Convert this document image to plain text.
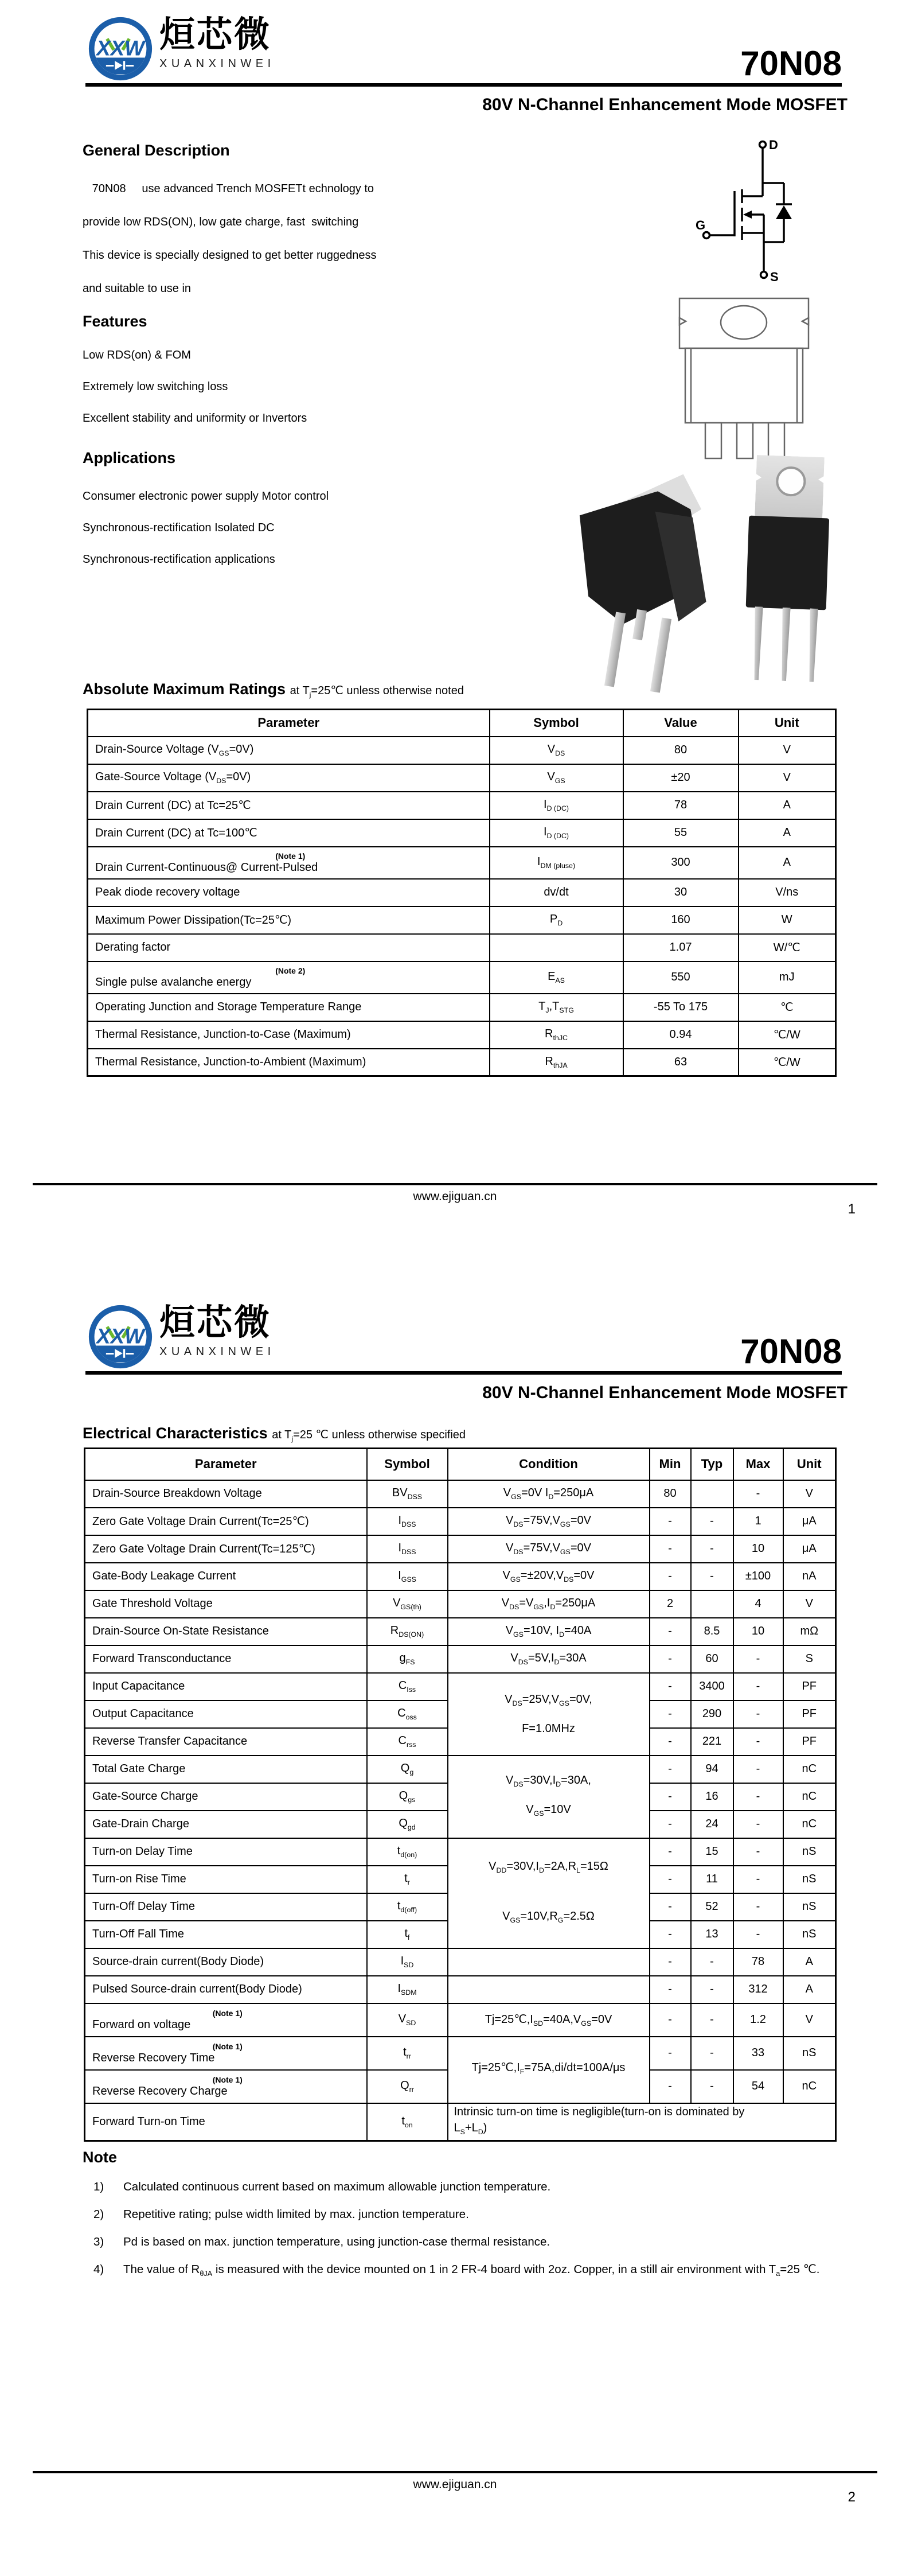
XXW 烜芯微
XUANXINWEI	70N08
80V N-Channel Enhancement Mode MOSFET
General Description
70N08     use advanced Trench MOSFETt echnology to
provide low RDS(ON), low gate charge, fast  switching
This device is specially designed to get better ruggedness
and suitable to use in
Features
Low RDS(on) & FOM
Extremely low switching loss
Excellent stability and uniformity or Invertors
Applications
Consumer electronic power supply Motor control
Synchronous-rectification Isolated DC
Synchronous-rectification applications
D
G
S
Absolute Maximum Ratings at $T_j=25℃$ unless otherwise noted
Parameter	Symbol	Value	Unit
Drain-Source Voltage $(V_{GS}=0V)$	$V_{DS}$	80	V
Gate-Source Voltage $(V_{DS}=0V)$	$V_{GS}$	±20	V
Drain Current (DC) at Tc=25℃	$I_{D (DC)}$	78	A
Drain Current (DC) at Tc=100℃	$I_{D (DC)}$	55	A

(Note 1)
Drain Current-Continuous@ Current-Pulsed	$I_{DM (pluse)}$	300	A
Peak diode recovery voltage	dv/dt	30	V/ns
Maximum Power Dissipation(Tc=25℃)	$P_D$	160	W
Derating factor		1.07	W/℃

(Note 2)
Single pulse avalanche energy	$E_{AS}$	550	mJ
Operating Junction and Storage Temperature Range	$T_J,T_{STG}$	-55 To 175	℃
Thermal Resistance, Junction-to-Case (Maximum)	$R_{thJC}$	0.94	℃/W
Thermal Resistance, Junction-to-Ambient (Maximum)	$R_{thJA}$	63	℃/W
www.ejiguan.cn
1
XXW 烜芯微
XUANXINWEI	70N08
80V N-Channel Enhancement Mode MOSFET
Electrical Characteristics at $T_j=25$ ℃ unless otherwise specified
Parameter	Symbol	Condition	Min	Typ	Max	Unit
Drain-Source Breakdown Voltage	$BV_{DSS}$	$V_{GS}=0V$ $I_D=250\mu A$	80		-	V
Zero Gate Voltage Drain Current(Tc=25℃)	$I_{DSS}$	$V_{DS}=75V,V_{GS}=0V$	-	-	1	μA
Zero Gate Voltage Drain Current(Tc=125℃)	$I_{DSS}$	$V_{DS}=75V,V_{GS}=0V$	-	-	10	μA
Gate-Body Leakage Current	$I_{GSS}$	$V_{GS}=\pm 20V,V_{DS}=0V$	-	-	±100	nA
Gate Threshold Voltage	$V_{GS(th)}$	$V_{DS}=V_{GS},I_D=250\mu A$	2		4	V
Drain-Source On-State Resistance	$R_{DS(ON)}$	$V_{GS}=10V$, $I_D=40A$	-	8.5	10	mΩ
Forward Transconductance	$g_{FS}$	$V_{DS}=5V,I_D=30A$	-	60	-	S
Input Capacitance	$C_{Iss}$	$V_{DS}=25V,V_{GS}=0V$,
F=1.0MHz	-	3400	-	PF
Output Capacitance	$C_{oss}$		-	290	-	PF
Reverse Transfer Capacitance	$C_{rss}$		-	221	-	PF
Total Gate Charge	$Q_g$	$V_{DS}=30V,I_D=30A$,
$V_{GS}=10V$	-	94	-	nC
Gate-Source Charge	$Q_{gs}$		-	16	-	nC
Gate-Drain Charge	$Q_{gd}$		-	24	-	nC
Turn-on Delay Time	$t_{d(on)}$	$V_{DD}=30V,I_D=2A,R_L=15\Omega$
$V_{GS}=10V,R_G=2.5\Omega$	-	15	-	nS
Turn-on Rise Time	$t_r$		-	11	-	nS
Turn-Off Delay Time	$t_{d(off)}$		-	52	-	nS
Turn-Off Fall Time	$t_f$		-	13	-	nS
Source-drain current(Body Diode)	$I_{SD}$		-	-	78	A
Pulsed Source-drain current(Body Diode)	$I_{SDM}$		-	-	312	A

(Note 1)
Forward on voltage	$V_{SD}$	$Tj=25℃,I_{SD}=40A,V_{GS}=0V$	-	-	1.2	V

(Note 1)
Reverse Recovery Time	$t_{rr}$	$Tj=25℃,I_F=75A,di/dt=100A/\mu s$	-	-	33	nS

(Note 1)
Reverse Recovery Charge	$Q_{rr}$		-	-	54	nC
Forward Turn-on Time	$t_{on}$	Intrinsic turn-on time is negligible(turn-on is dominated by
$L_S+L_D$)				
Note
1)	Calculated continuous current based on maximum allowable junction temperature.
2)	Repetitive rating; pulse width limited by max. junction temperature.
3)	Pd is based on max. junction temperature, using junction-case thermal resistance.
4)	The value of $R_{\theta JA}$ is measured with the device mounted on 1 in 2 FR-4 board with 2oz. Copper, in a still air environment with $T_a=25$ ℃.
www.ejiguan.cn
2
